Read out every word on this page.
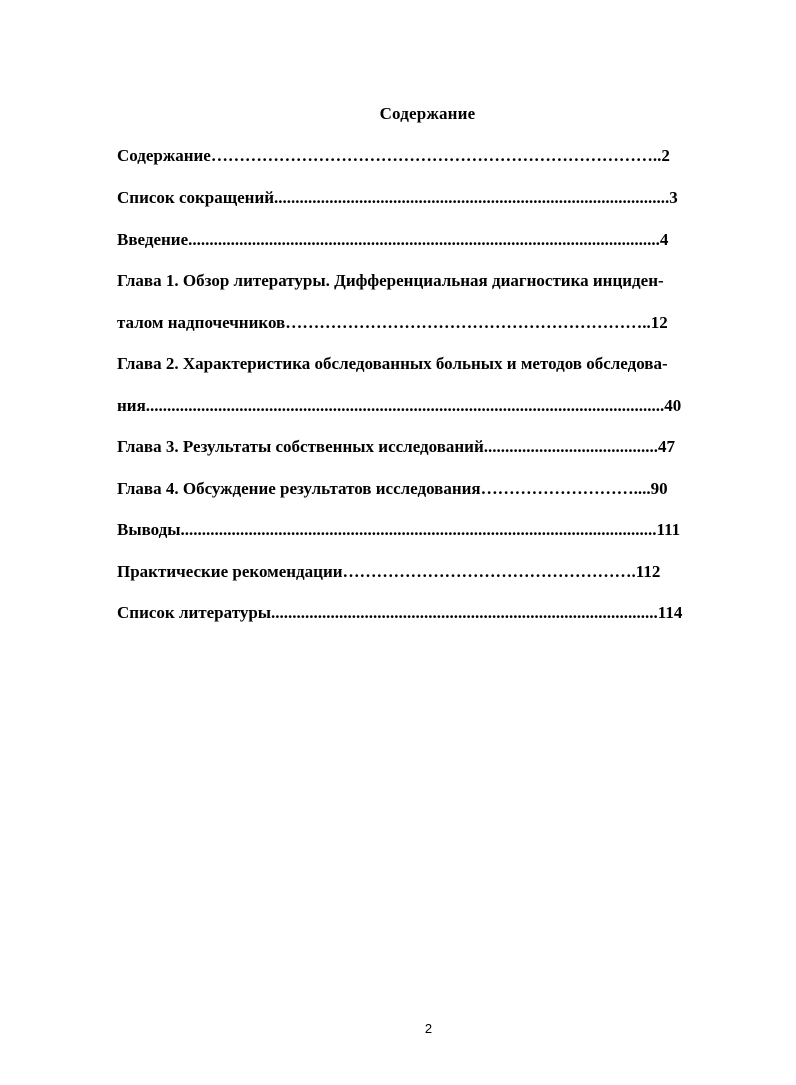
Содержание
Содержание……………………………………………………………………..2
Список сокращений.............................................................................................3
Введение...............................................................................................................4
Глава 1. Обзор литературы. Дифференциальная диагностика инциден-
талом надпочечников………………………………………………………..12
Глава 2. Характеристика обследованных больных и методов обследова-
ния..........................................................................................................................40
Глава 3. Результаты собственных исследований.........................................47
Глава 4. Обсуждение результатов исследования………………………....90
Выводы................................................................................................................111
Практические рекомендации…………………………………………….112
Список литературы...........................................................................................114
2
